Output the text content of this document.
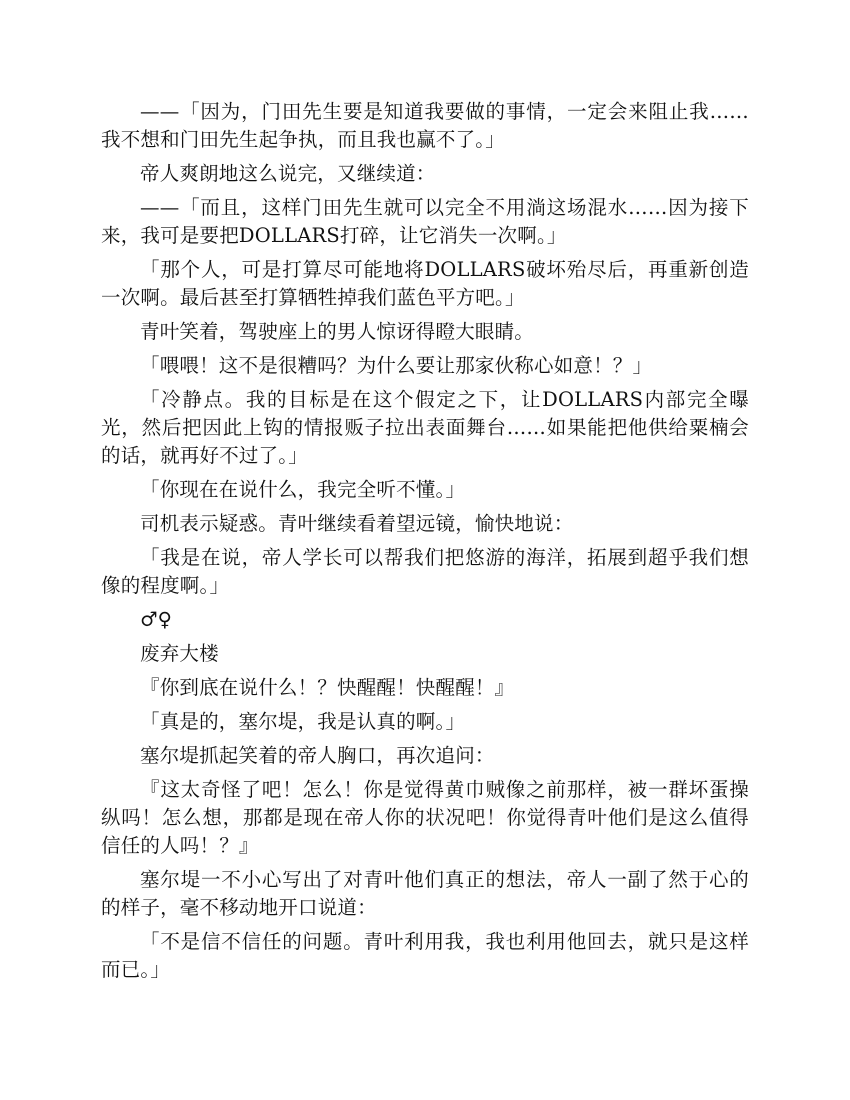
——「因为，门田先生要是知道我要做的事情，一定会来阻止我……我不想和门田先生起争执，而且我也赢不了。」

帝人爽朗地这么说完，又继续道：

——「而且，这样门田先生就可以完全不用淌这场混水……因为接下来，我可是要把DOLLARS打碎，让它消失一次啊。」

「那个人，可是打算尽可能地将DOLLARS破坏殆尽后，再重新创造一次啊。最后甚至打算牺牲掉我们蓝色平方吧。」

青叶笑着，驾驶座上的男人惊讶得瞪大眼睛。

「喂喂！这不是很糟吗？为什么要让那家伙称心如意！？」

「冷静点。我的目标是在这个假定之下，让DOLLARS内部完全曝光，然后把因此上钩的情报贩子拉出表面舞台……如果能把他供给粟楠会的话，就再好不过了。」

「你现在在说什么，我完全听不懂。」

司机表示疑惑。青叶继续看着望远镜，愉快地说：

「我是在说，帝人学长可以帮我们把悠游的海洋，拓展到超乎我们想像的程度啊。」

♂♀

废弃大楼

『你到底在说什么！？快醒醒！快醒醒！』

「真是的，塞尔堤，我是认真的啊。」

塞尔堤抓起笑着的帝人胸口，再次追问：

『这太奇怪了吧！怎么！你是觉得黄巾贼像之前那样，被一群坏蛋操纵吗！怎么想，那都是现在帝人你的状况吧！你觉得青叶他们是这么值得信任的人吗！？』

塞尔堤一不小心写出了对青叶他们真正的想法，帝人一副了然于心的的样子，毫不移动地开口说道：

「不是信不信任的问题。青叶利用我，我也利用他回去，就只是这样而已。」
